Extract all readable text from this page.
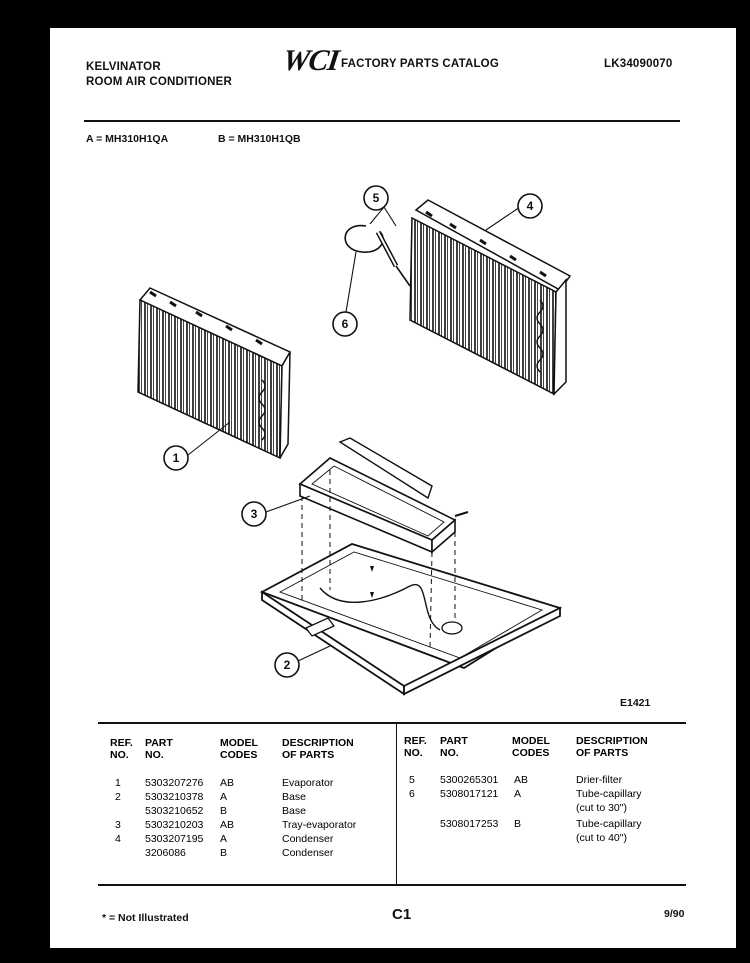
KELVINATOR
ROOM AIR CONDITIONER
WCI FACTORY PARTS CATALOG	LK34090070
A = MH310H1QA	B = MH310H1QB
1
2
3
4
5
6
E1421
REF.
NO.
PART
NO.
MODEL
CODES
DESCRIPTION
OF PARTS
REF.
NO.
PART
NO.
MODEL
CODES
DESCRIPTION
OF PARTS
1 5303207276 AB	Evaporator
2 5303210378 A	Base
5303210652 B	Base
3 5303210203 AB	Tray-evaporator
4 5303207195 A	Condenser
3206086	B	Condenser
5 5300265301 AB	Drier-filter
6 5308017121 A	Tube-capillary
(cut to 30")
5308017253 B	Tube-capillary
(cut to 40")
* = Not Illustrated	C1	9/90
